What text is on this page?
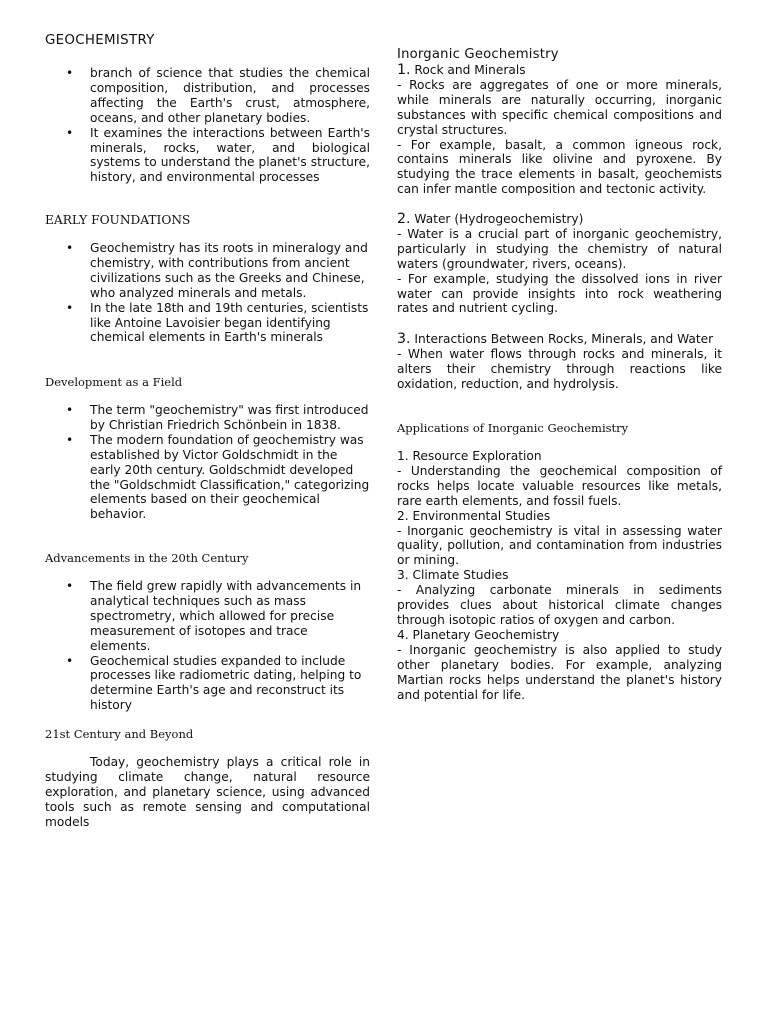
GEOCHEMISTRY
• branch of science that studies the chemical composition, distribution, and processes affecting the Earth's crust, atmosphere, oceans, and other planetary bodies.
• It examines the interactions between Earth's minerals, rocks, water, and biological systems to understand the planet's structure, history, and environmental processes
EARLY FOUNDATIONS
• Geochemistry has its roots in mineralogy and chemistry, with contributions from ancient civilizations such as the Greeks and Chinese, who analyzed minerals and metals.
• In the late 18th and 19th centuries, scientists like Antoine Lavoisier began identifying chemical elements in Earth's minerals
Development as a Field
• The term "geochemistry" was first introduced by Christian Friedrich Schönbein in 1838.
• The modern foundation of geochemistry was established by Victor Goldschmidt in the early 20th century. Goldschmidt developed the "Goldschmidt Classification," categorizing elements based on their geochemical behavior.
Advancements in the 20th Century
• The field grew rapidly with advancements in analytical techniques such as mass spectrometry, which allowed for precise measurement of isotopes and trace elements.
• Geochemical studies expanded to include processes like radiometric dating, helping to determine Earth's age and reconstruct its history
21st Century and Beyond
Today, geochemistry plays a critical role in studying climate change, natural resource exploration, and planetary science, using advanced tools such as remote sensing and computational models
Inorganic Geochemistry
1. Rock and Minerals
- Rocks are aggregates of one or more minerals, while minerals are naturally occurring, inorganic substances with specific chemical compositions and crystal structures.
- For example, basalt, a common igneous rock, contains minerals like olivine and pyroxene. By studying the trace elements in basalt, geochemists can infer mantle composition and tectonic activity.
2. Water (Hydrogeochemistry)
- Water is a crucial part of inorganic geochemistry, particularly in studying the chemistry of natural waters (groundwater, rivers, oceans).
- For example, studying the dissolved ions in river water can provide insights into rock weathering rates and nutrient cycling.
3. Interactions Between Rocks, Minerals, and Water
- When water flows through rocks and minerals, it alters their chemistry through reactions like oxidation, reduction, and hydrolysis.
Applications of Inorganic Geochemistry
1. Resource Exploration
- Understanding the geochemical composition of rocks helps locate valuable resources like metals, rare earth elements, and fossil fuels.
2. Environmental Studies
- Inorganic geochemistry is vital in assessing water quality, pollution, and contamination from industries or mining.
3. Climate Studies
- Analyzing carbonate minerals in sediments provides clues about historical climate changes through isotopic ratios of oxygen and carbon.
4. Planetary Geochemistry
- Inorganic geochemistry is also applied to study other planetary bodies. For example, analyzing Martian rocks helps understand the planet's history and potential for life.
